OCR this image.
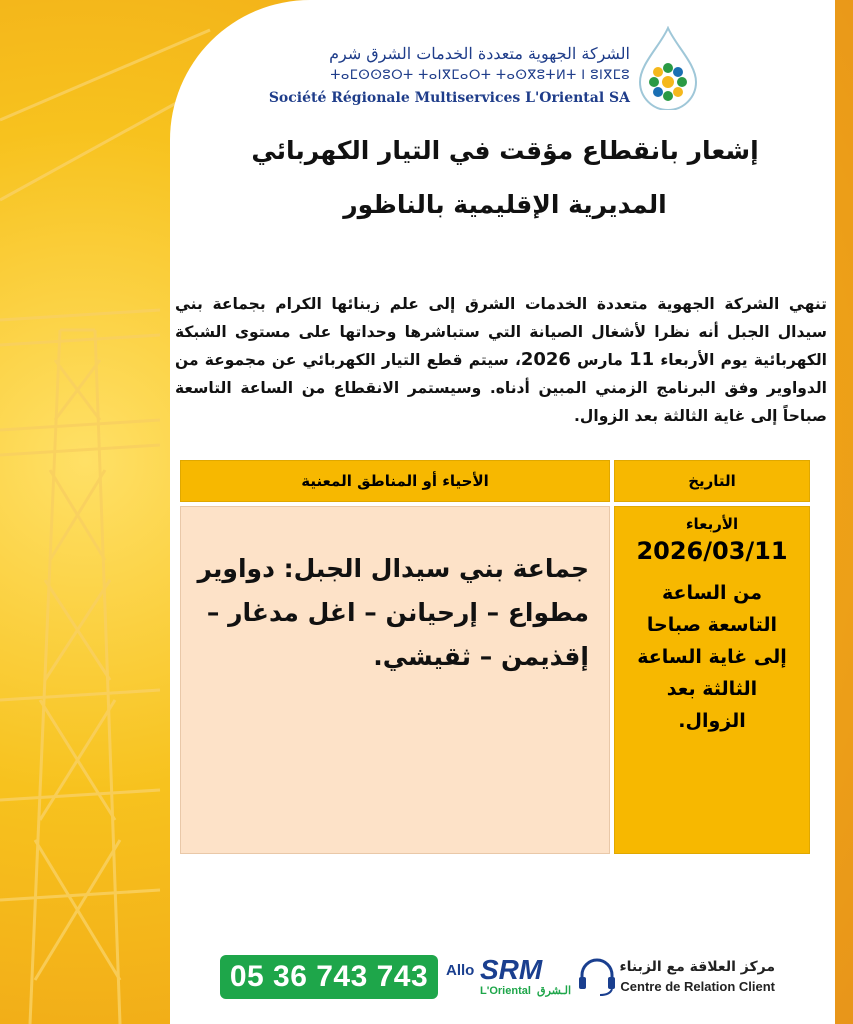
الشركة الجهوية متعددة الخدمات الشرق شرم
ⵜⴰⵎⵙⵙⵓⵔⵜ ⵜⴰⵏⴳⵎⴰⵔⵜ ⵜⴰⵙⴳⵓⵜⵍⵜ ⵏ ⵓⵏⴳⵎⵓ
Société Régionale Multiservices L'Oriental SA
إشعار بانقطاع مؤقت في التيار الكهربائي
المديرية الإقليمية بالناظور
تنهي الشركة الجهوية متعددة الخدمات الشرق إلى علم زبنائها الكرام بجماعة بني سيدال الجبل أنه نظرا لأشغال الصيانة التي ستباشرها وحداتها على مستوى الشبكة الكهربائية يوم الأربعاء 11 مارس 2026، سيتم قطع التيار الكهربائي عن مجموعة من الدواوير وفق البرنامج الزمني المبين أدناه. وسيستمر الانقطاع من الساعة التاسعة صباحاً إلى غاية الثالثة بعد الزوال.
التاريخ
الأحياء أو المناطق المعنية
الأربعاء
2026/03/11
من الساعة التاسعة صباحا إلى غاية الساعة الثالثة بعد الزوال.
جماعة بني سيدال الجبل: دواوير مطواع – إرحيانن – اغل مدغار – إقذيمن – ثقيشي.
05 36 743 743	Allo SRM
L'Oriental الـشرق
مركز العلاقة مع الزبناء
Centre de Relation Client
